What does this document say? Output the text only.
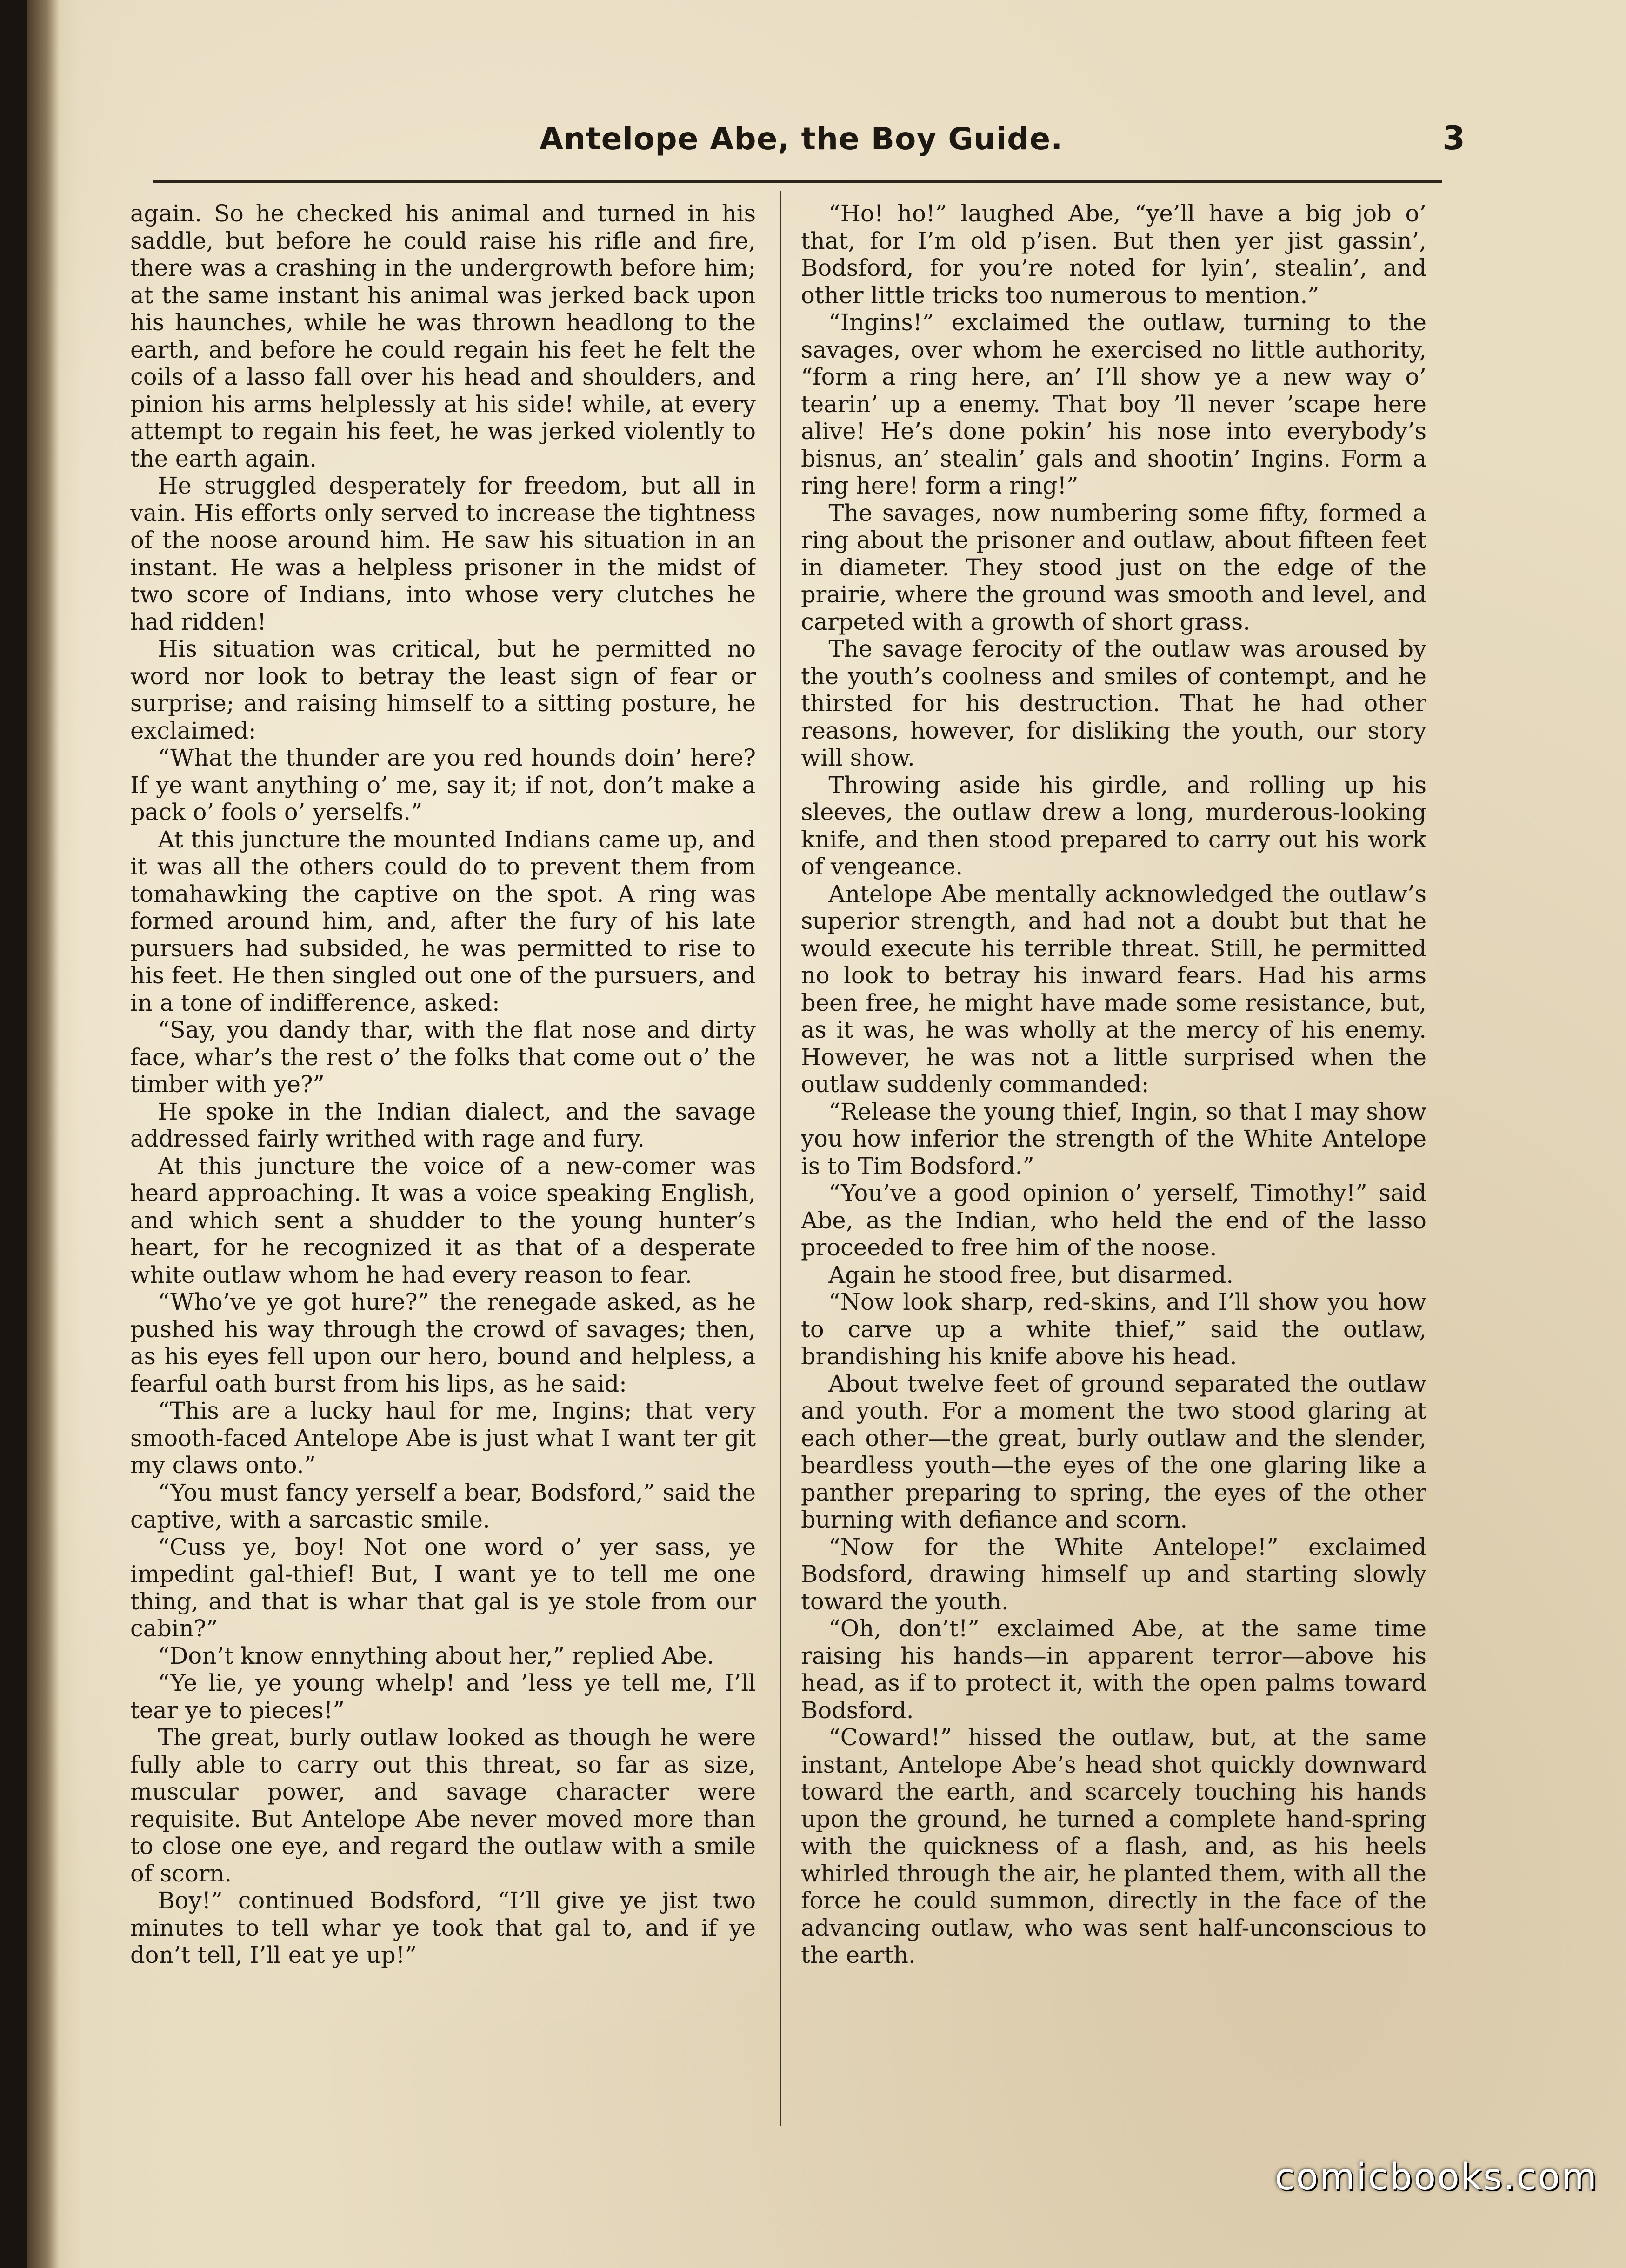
Antelope Abe, the Boy Guide.	3

again. So he checked his animal and turned in his saddle, but before he could raise his rifle and fire, there was a crashing in the undergrowth before him; at the same instant his animal was jerked back upon his haunches, while he was thrown headlong to the earth, and before he could regain his feet he felt the coils of a lasso fall over his head and shoulders, and pinion his arms helplessly at his side! while, at every attempt to regain his feet, he was jerked violently to the earth again.

He struggled desperately for freedom, but all in vain. His efforts only served to increase the tightness of the noose around him. He saw his situation in an instant. He was a helpless prisoner in the midst of two score of Indians, into whose very clutches he had ridden!

His situation was critical, but he permitted no word nor look to betray the least sign of fear or surprise; and raising himself to a sitting posture, he exclaimed:

“What the thunder are you red hounds doin’ here? If ye want anything o’ me, say it; if not, don’t make a pack o’ fools o’ yerselfs.”

At this juncture the mounted Indians came up, and it was all the others could do to prevent them from tomahawking the captive on the spot. A ring was formed around him, and, after the fury of his late pursuers had subsided, he was permitted to rise to his feet. He then singled out one of the pursuers, and in a tone of indifference, asked:

“Say, you dandy thar, with the flat nose and dirty face, whar’s the rest o’ the folks that come out o’ the timber with ye?”

He spoke in the Indian dialect, and the savage addressed fairly writhed with rage and fury.

At this juncture the voice of a new-comer was heard approaching. It was a voice speaking English, and which sent a shudder to the young hunter’s heart, for he recognized it as that of a desperate white outlaw whom he had every reason to fear.

“Who’ve ye got hure?” the renegade asked, as he pushed his way through the crowd of savages; then, as his eyes fell upon our hero, bound and helpless, a fearful oath burst from his lips, as he said:

“This are a lucky haul for me, Ingins; that very smooth-faced Antelope Abe is just what I want ter git my claws onto.”

“You must fancy yerself a bear, Bodsford,” said the captive, with a sarcastic smile.

“Cuss ye, boy! Not one word o’ yer sass, ye impedint gal-thief! But, I want ye to tell me one thing, and that is whar that gal is ye stole from our cabin?”

“Don’t know ennything about her,” replied Abe.

“Ye lie, ye young whelp! and ’less ye tell me, I’ll tear ye to pieces!”

The great, burly outlaw looked as though he were fully able to carry out this threat, so far as size, muscular power, and savage character were requisite. But Antelope Abe never moved more than to close one eye, and regard the outlaw with a smile of scorn.

Boy!” continued Bodsford, “I’ll give ye jist two minutes to tell whar ye took that gal to, and if ye don’t tell, I’ll eat ye up!”

“Ho! ho!” laughed Abe, “ye’ll have a big job o’ that, for I’m old p’isen. But then yer jist gassin’, Bodsford, for you’re noted for lyin’, stealin’, and other little tricks too numerous to mention.”

“Ingins!” exclaimed the outlaw, turning to the savages, over whom he exercised no little authority, “form a ring here, an’ I’ll show ye a new way o’ tearin’ up a enemy. That boy ’ll never ’scape here alive! He’s done pokin’ his nose into everybody’s bisnus, an’ stealin’ gals and shootin’ Ingins. Form a ring here! form a ring!”

The savages, now numbering some fifty, formed a ring about the prisoner and outlaw, about fifteen feet in diameter. They stood just on the edge of the prairie, where the ground was smooth and level, and carpeted with a growth of short grass.

The savage ferocity of the outlaw was aroused by the youth’s coolness and smiles of contempt, and he thirsted for his destruction. That he had other reasons, however, for disliking the youth, our story will show.

Throwing aside his girdle, and rolling up his sleeves, the outlaw drew a long, murderous-looking knife, and then stood prepared to carry out his work of vengeance.

Antelope Abe mentally acknowledged the outlaw’s superior strength, and had not a doubt but that he would execute his terrible threat. Still, he permitted no look to betray his inward fears. Had his arms been free, he might have made some resistance, but, as it was, he was wholly at the mercy of his enemy. However, he was not a little surprised when the outlaw suddenly commanded:

“Release the young thief, Ingin, so that I may show you how inferior the strength of the White Antelope is to Tim Bodsford.”

“You’ve a good opinion o’ yerself, Timothy!” said Abe, as the Indian, who held the end of the lasso proceeded to free him of the noose.

Again he stood free, but disarmed.

“Now look sharp, red-skins, and I’ll show you how to carve up a white thief,” said the outlaw, brandishing his knife above his head.

About twelve feet of ground separated the outlaw and youth. For a moment the two stood glaring at each other—the great, burly outlaw and the slender, beardless youth—the eyes of the one glaring like a panther preparing to spring, the eyes of the other burning with defiance and scorn.

“Now for the White Antelope!” exclaimed Bodsford, drawing himself up and starting slowly toward the youth.

“Oh, don’t!” exclaimed Abe, at the same time raising his hands—in apparent terror—above his head, as if to protect it, with the open palms toward Bodsford.

“Coward!” hissed the outlaw, but, at the same instant, Antelope Abe’s head shot quickly downward toward the earth, and scarcely touching his hands upon the ground, he turned a complete hand-spring with the quickness of a flash, and, as his heels whirled through the air, he planted them, with all the force he could summon, directly in the face of the advancing outlaw, who was sent half-unconscious to the earth.

comicbooks.com
